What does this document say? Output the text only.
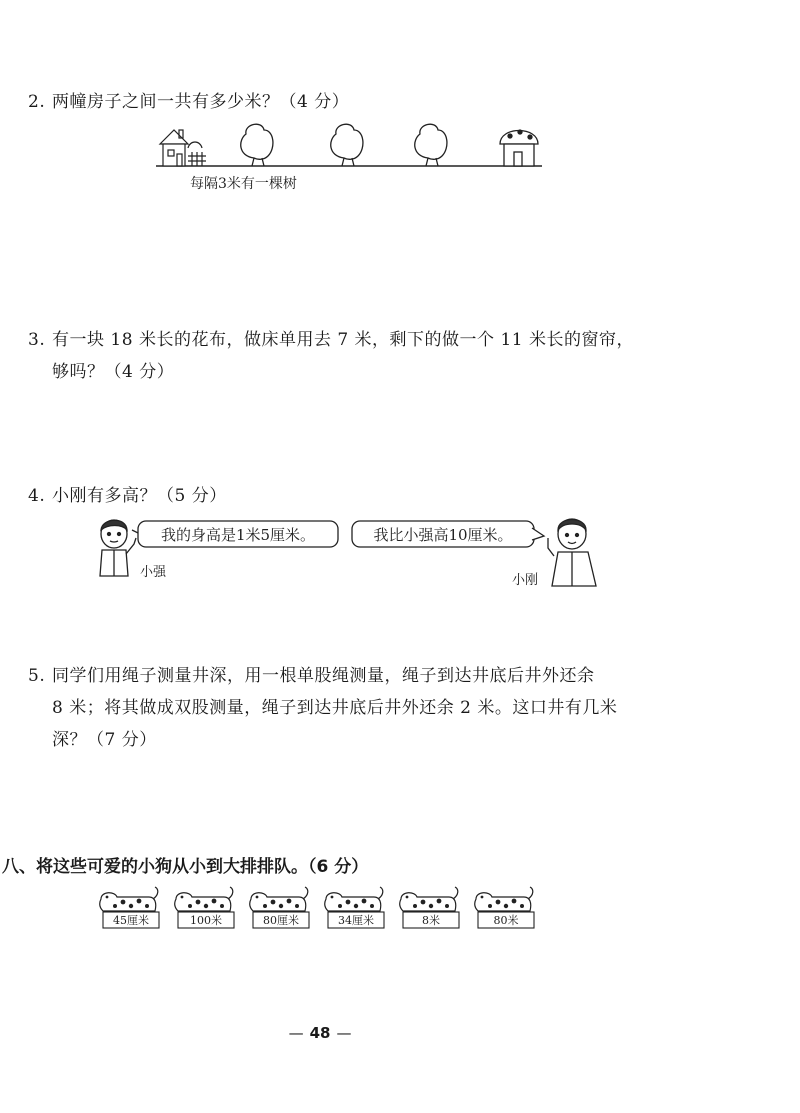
2. 两幢房子之间一共有多少米？（4 分）
每隔3米有一棵树
3. 有一块 18 米长的花布，做床单用去 7 米，剩下的做一个 11 米长的窗帘，
够吗？（4 分）
4. 小刚有多高？（5 分）
我的身高是1米5厘米。	我比小强高10厘米。
小强
小刚
5. 同学们用绳子测量井深，用一根单股绳测量，绳子到达井底后井外还余
8 米；将其做成双股测量，绳子到达井底后井外还余 2 米。这口井有几米
深？（7 分）
八、将这些可爱的小狗从小到大排排队。（6 分）
45厘米	100米	80厘米	34厘米	8米	80米
— 48 —
